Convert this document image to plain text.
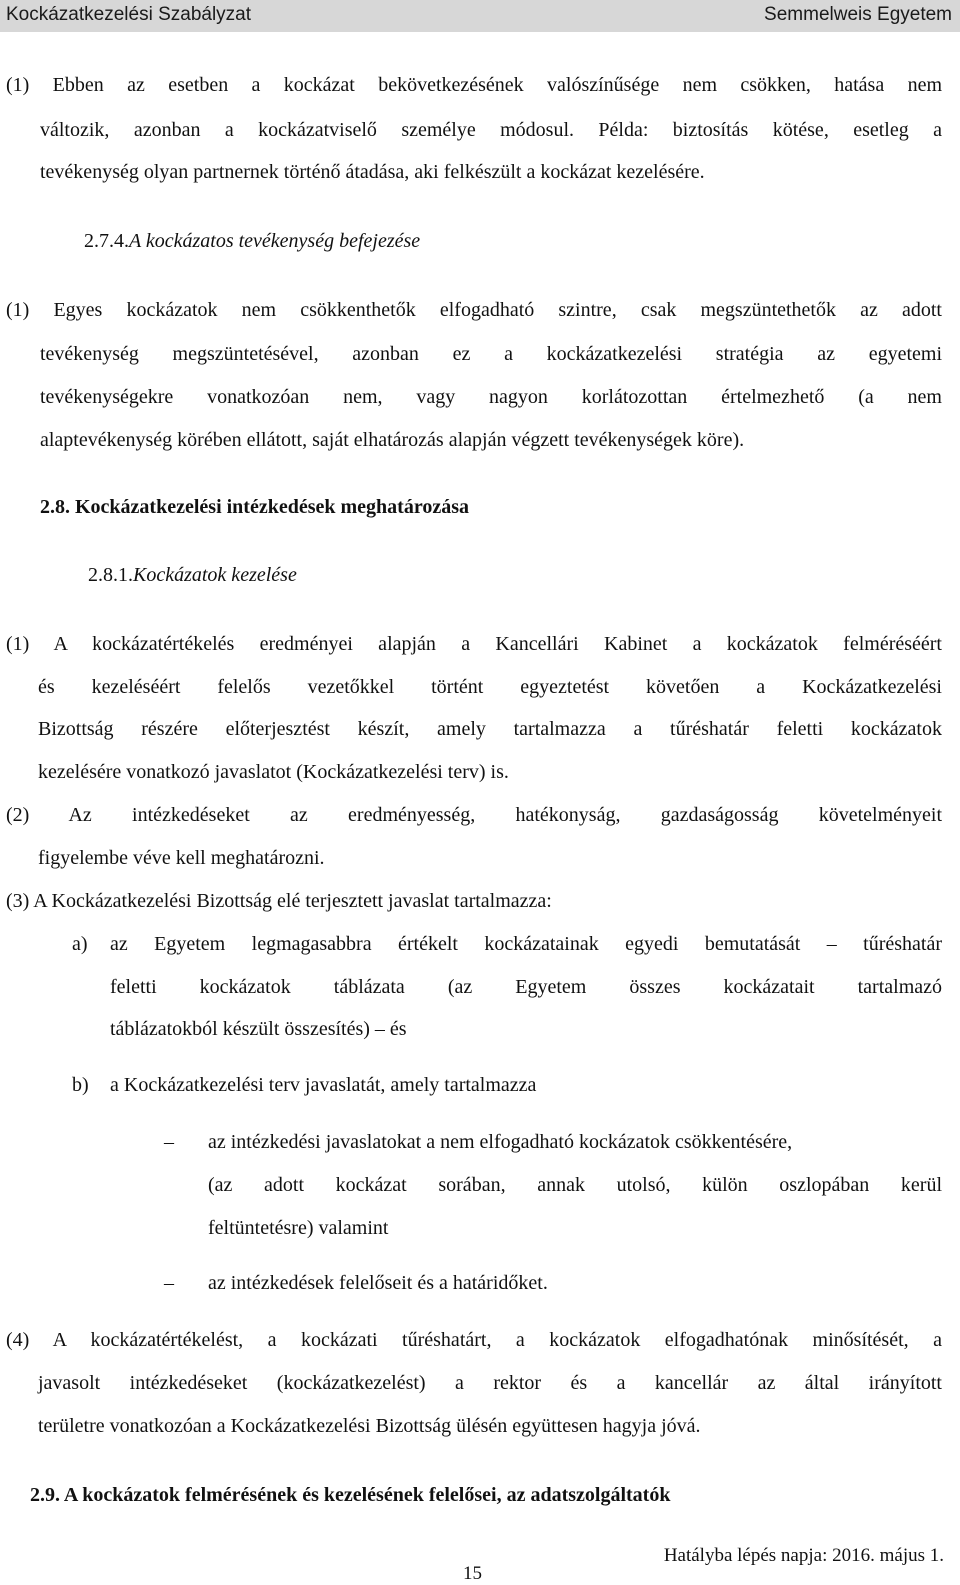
Kockázatkezelési Szabályzat	Semmelweis Egyetem
(1) Ebben az esetben a kockázat bekövetkezésének valószínűsége nem csökken, hatása nem
változik, azonban a kockázatviselő személye módosul. Példa: biztosítás kötése, esetleg a
tevékenység olyan partnernek történő átadása, aki felkészült a kockázat kezelésére.
2.7.4.A kockázatos tevékenység befejezése
(1) Egyes kockázatok nem csökkenthetők elfogadható szintre, csak megszüntethetők az adott
tevékenység megszüntetésével, azonban ez a kockázatkezelési stratégia az egyetemi
tevékenységekre vonatkozóan nem, vagy nagyon korlátozottan értelmezhető (a nem
alaptevékenység körében ellátott, saját elhatározás alapján végzett tevékenységek köre).
2.8. Kockázatkezelési intézkedések meghatározása
2.8.1.Kockázatok kezelése
(1) A kockázatértékelés eredményei alapján a Kancellári Kabinet a kockázatok felméréséért
és kezeléséért felelős vezetőkkel történt egyeztetést követően a Kockázatkezelési
Bizottság részére előterjesztést készít, amely tartalmazza a tűréshatár feletti kockázatok
kezelésére vonatkozó javaslatot (Kockázatkezelési terv) is.
(2) Az intézkedéseket az eredményesség, hatékonyság, gazdaságosság követelményeit
figyelembe véve kell meghatározni.
(3) A Kockázatkezelési Bizottság elé terjesztett javaslat tartalmazza:
a) az Egyetem legmagasabbra értékelt kockázatainak egyedi bemutatását – tűréshatár
feletti kockázatok táblázata (az Egyetem összes kockázatait tartalmazó
táblázatokból készült összesítés) – és
b) a Kockázatkezelési terv javaslatát, amely tartalmazza
– az intézkedési javaslatokat a nem elfogadható kockázatok csökkentésére,
(az adott kockázat sorában, annak utolsó, külön oszlopában kerül
feltüntetésre) valamint
– az intézkedések felelőseit és a határidőket.
(4) A kockázatértékelést, a kockázati tűréshatárt, a kockázatok elfogadhatónak minősítését, a
javasolt intézkedéseket (kockázatkezelést) a rektor és a kancellár az által irányított
területre vonatkozóan a Kockázatkezelési Bizottság ülésén együttesen hagyja jóvá.
2.9. A kockázatok felmérésének és kezelésének felelősei, az adatszolgáltatók
Hatályba lépés napja: 2016. május 1.
15
